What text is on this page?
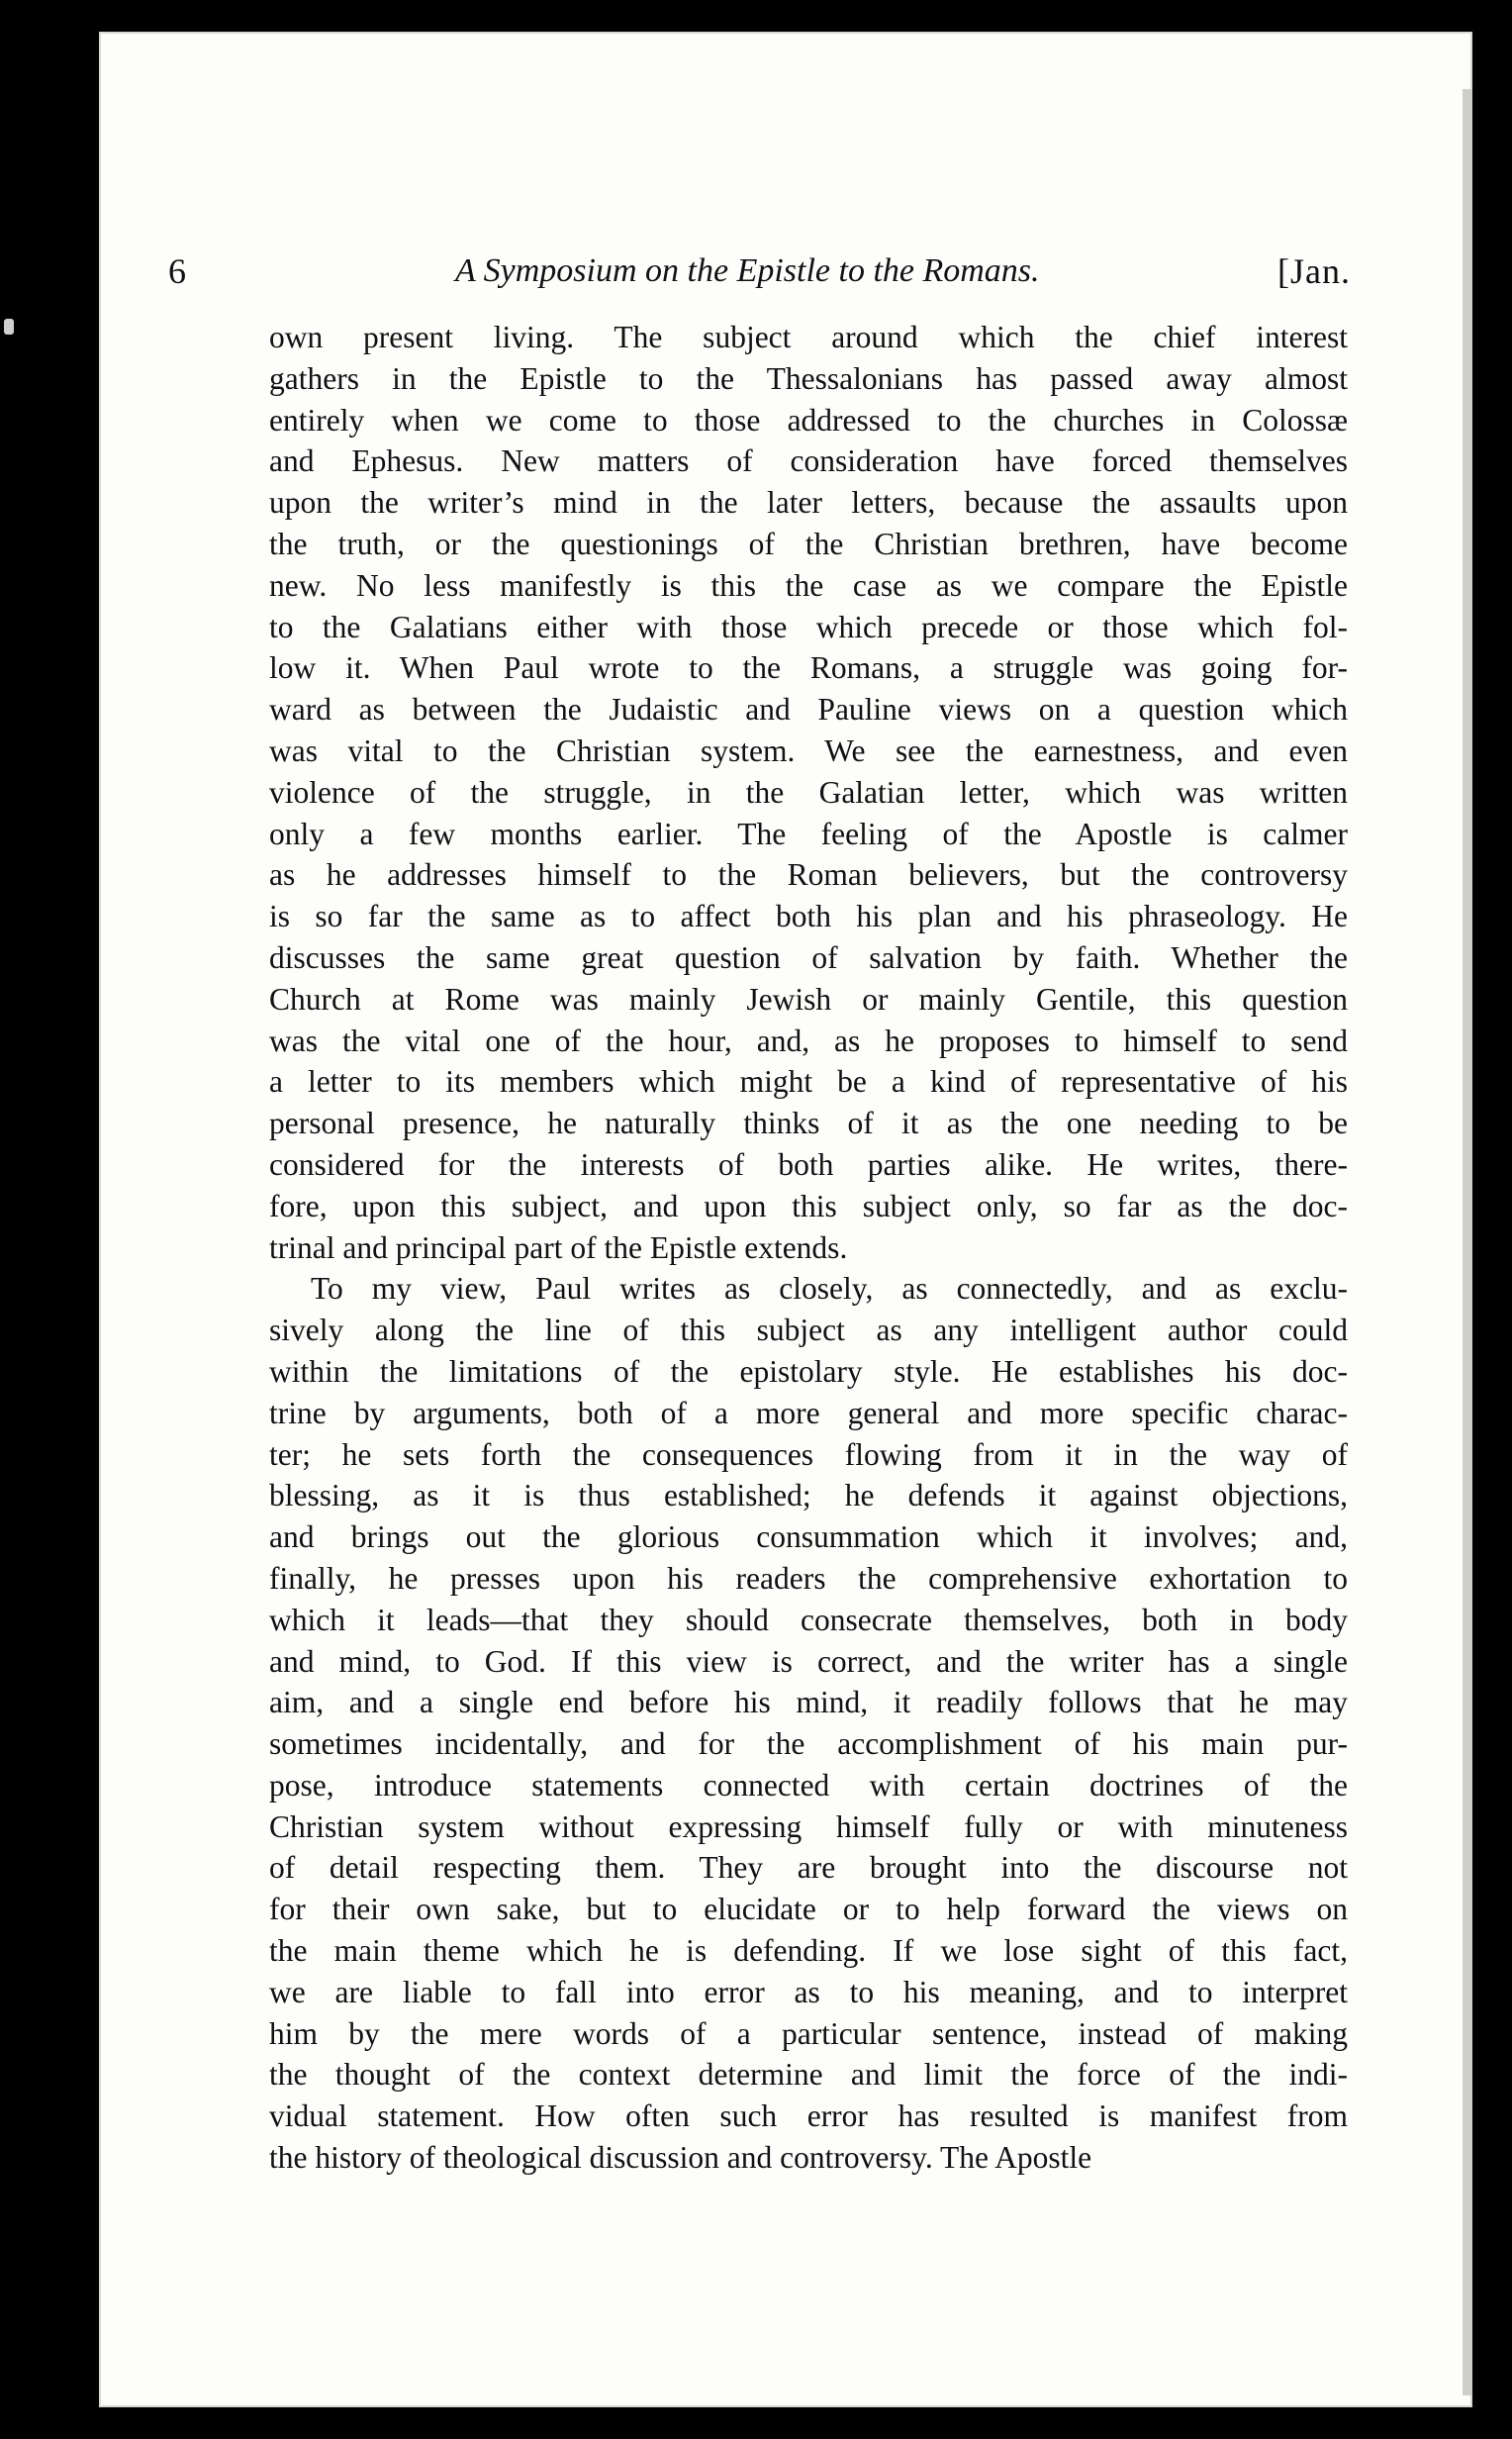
6	A Symposium on the Epistle to the Romans.	[Jan.
own present living. The subject around which the chief interest
gathers in the Epistle to the Thessalonians has passed away almost
entirely when we come to those addressed to the churches in Colossæ
and Ephesus. New matters of consideration have forced themselves
upon the writer’s mind in the later letters, because the assaults upon
the truth, or the questionings of the Christian brethren, have become
new. No less manifestly is this the case as we compare the Epistle
to the Galatians either with those which precede or those which fol-
low it. When Paul wrote to the Romans, a struggle was going for-
ward as between the Judaistic and Pauline views on a question which
was vital to the Christian system. We see the earnestness, and even
violence of the struggle, in the Galatian letter, which was written
only a few months earlier. The feeling of the Apostle is calmer
as he addresses himself to the Roman believers, but the controversy
is so far the same as to affect both his plan and his phraseology. He
discusses the same great question of salvation by faith. Whether the
Church at Rome was mainly Jewish or mainly Gentile, this question
was the vital one of the hour, and, as he proposes to himself to send
a letter to its members which might be a kind of representative of his
personal presence, he naturally thinks of it as the one needing to be
considered for the interests of both parties alike. He writes, there-
fore, upon this subject, and upon this subject only, so far as the doc-
trinal and principal part of the Epistle extends.
To my view, Paul writes as closely, as connectedly, and as exclu-
sively along the line of this subject as any intelligent author could
within the limitations of the epistolary style. He establishes his doc-
trine by arguments, both of a more general and more specific charac-
ter; he sets forth the consequences flowing from it in the way of
blessing, as it is thus established; he defends it against objections,
and brings out the glorious consummation which it involves; and,
finally, he presses upon his readers the comprehensive exhortation to
which it leads—that they should consecrate themselves, both in body
and mind, to God. If this view is correct, and the writer has a single
aim, and a single end before his mind, it readily follows that he may
sometimes incidentally, and for the accomplishment of his main pur-
pose, introduce statements connected with certain doctrines of the
Christian system without expressing himself fully or with minuteness
of detail respecting them. They are brought into the discourse not
for their own sake, but to elucidate or to help forward the views on
the main theme which he is defending. If we lose sight of this fact,
we are liable to fall into error as to his meaning, and to interpret
him by the mere words of a particular sentence, instead of making
the thought of the context determine and limit the force of the indi-
vidual statement. How often such error has resulted is manifest from
the history of theological discussion and controversy. The Apostle
